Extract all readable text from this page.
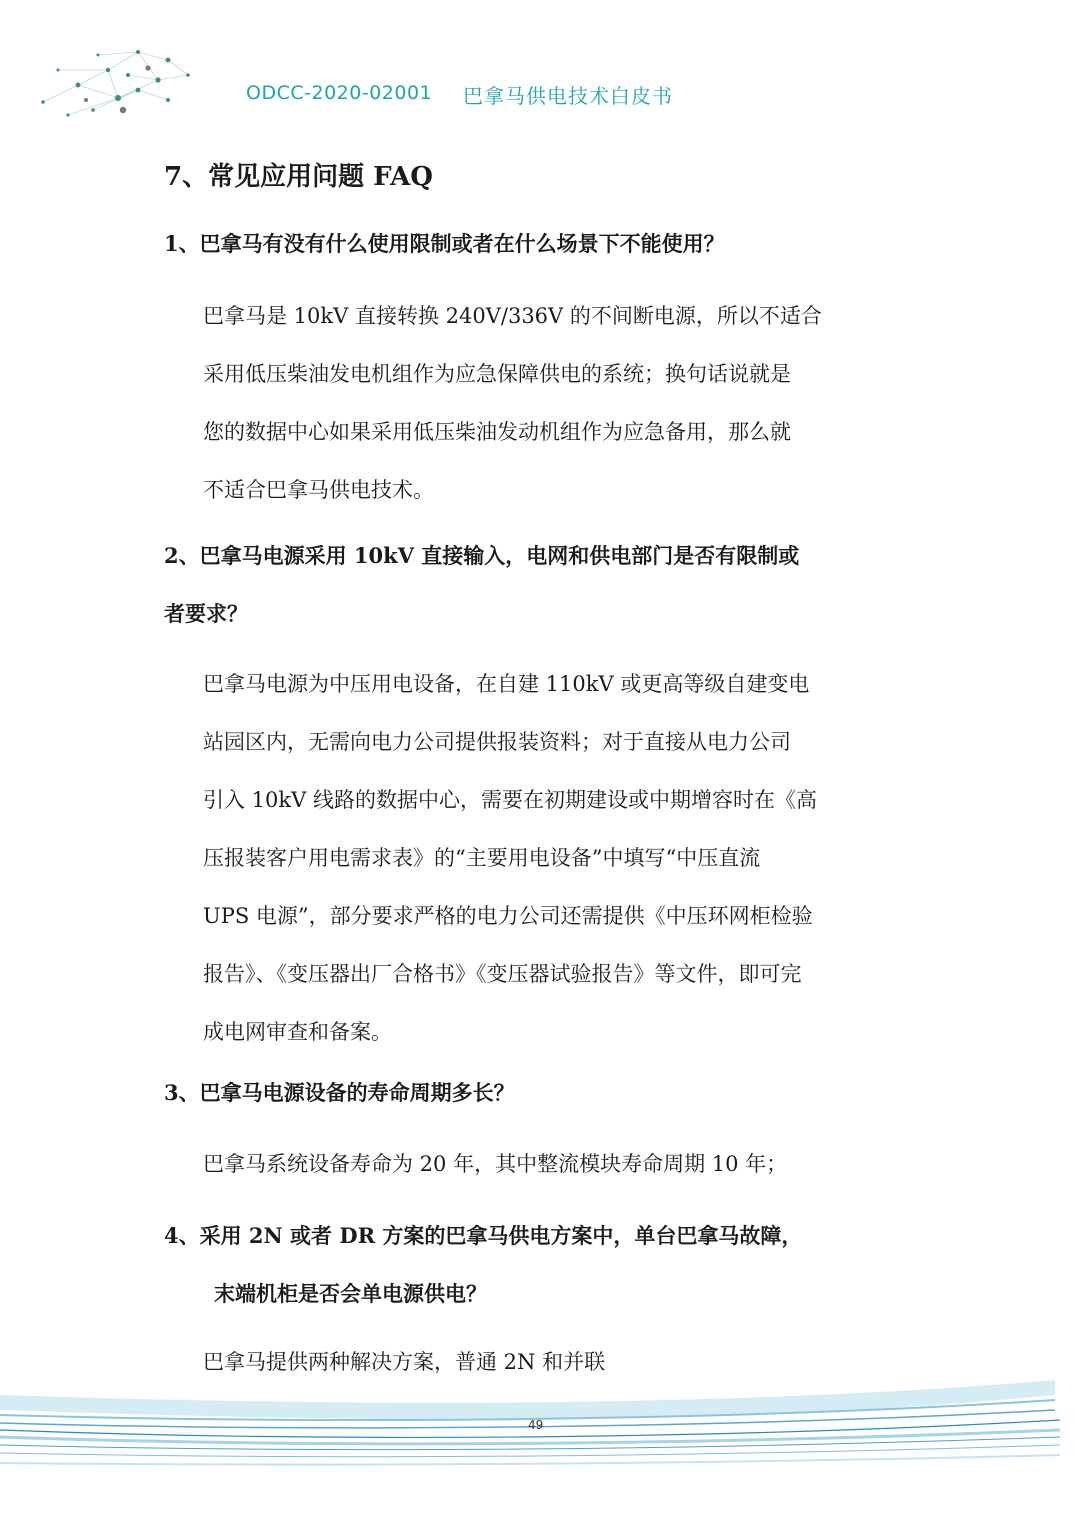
ODCC-2020-02001 巴拿马供电技术白皮书
7、常见应用问题 FAQ

1、巴拿马有没有什么使用限制或者在什么场景下不能使用？

巴拿马是 10kV 直接转换 240V/336V 的不间断电源，所以不适合

采用低压柴油发电机组作为应急保障供电的系统；换句话说就是

您的数据中心如果采用低压柴油发动机组作为应急备用，那么就

不适合巴拿马供电技术。

2、巴拿马电源采用 10kV 直接输入，电网和供电部门是否有限制或

者要求？

巴拿马电源为中压用电设备，在自建 110kV 或更高等级自建变电

站园区内，无需向电力公司提供报装资料；对于直接从电力公司

引入 10kV 线路的数据中心，需要在初期建设或中期增容时在《高

压报装客户用电需求表》的“主要用电设备”中填写“中压直流

UPS 电源”，部分要求严格的电力公司还需提供《中压环网柜检验

报告》、《变压器出厂合格书》《变压器试验报告》等文件，即可完

成电网审查和备案。

3、巴拿马电源设备的寿命周期多长？

巴拿马系统设备寿命为 20 年，其中整流模块寿命周期 10 年；

4、采用 2N 或者 DR 方案的巴拿马供电方案中，单台巴拿马故障，

末端机柜是否会单电源供电？

巴拿马提供两种解决方案，普通 2N 和并联

49
